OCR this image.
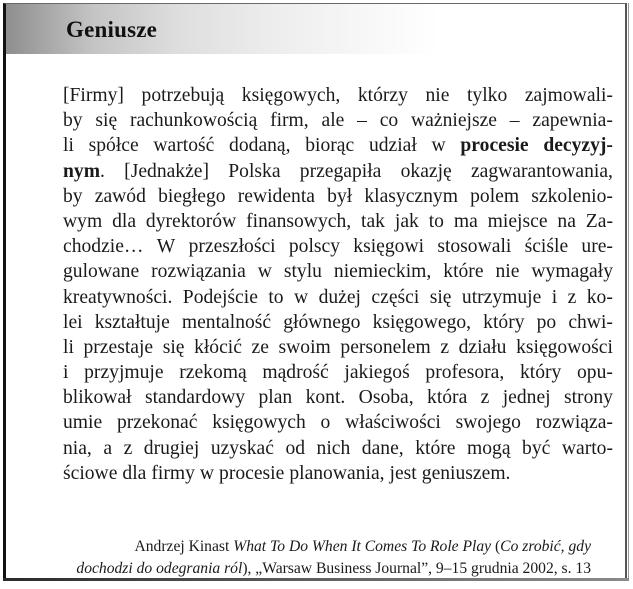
Geniusze
[Firmy] potrzebują księgowych, którzy nie tylko zajmowali-
by się rachunkowością firm, ale – co ważniejsze – zapewnia-
li spółce wartość dodaną, biorąc udział w procesie decyzyj-
nym. [Jednakże] Polska przegapiła okazję zagwarantowania,
by zawód biegłego rewidenta był klasycznym polem szkolenio-
wym dla dyrektorów finansowych, tak jak to ma miejsce na Za-
chodzie… W przeszłości polscy księgowi stosowali ściśle ure-
gulowane rozwiązania w stylu niemieckim, które nie wymagały
kreatywności. Podejście to w dużej części się utrzymuje i z ko-
lei kształtuje mentalność głównego księgowego, który po chwi-
li przestaje się kłócić ze swoim personelem z działu księgowości
i przyjmuje rzekomą mądrość jakiegoś profesora, który opu-
blikował standardowy plan kont. Osoba, która z jednej strony
umie przekonać księgowych o właściwości swojego rozwiąza-
nia, a z drugiej uzyskać od nich dane, które mogą być warto-
ściowe dla firmy w procesie planowania, jest geniuszem.
Andrzej Kinast What To Do When It Comes To Role Play (Co zrobić, gdy
dochodzi do odegrania ról), „Warsaw Business Journal”, 9–15 grudnia 2002, s. 13
